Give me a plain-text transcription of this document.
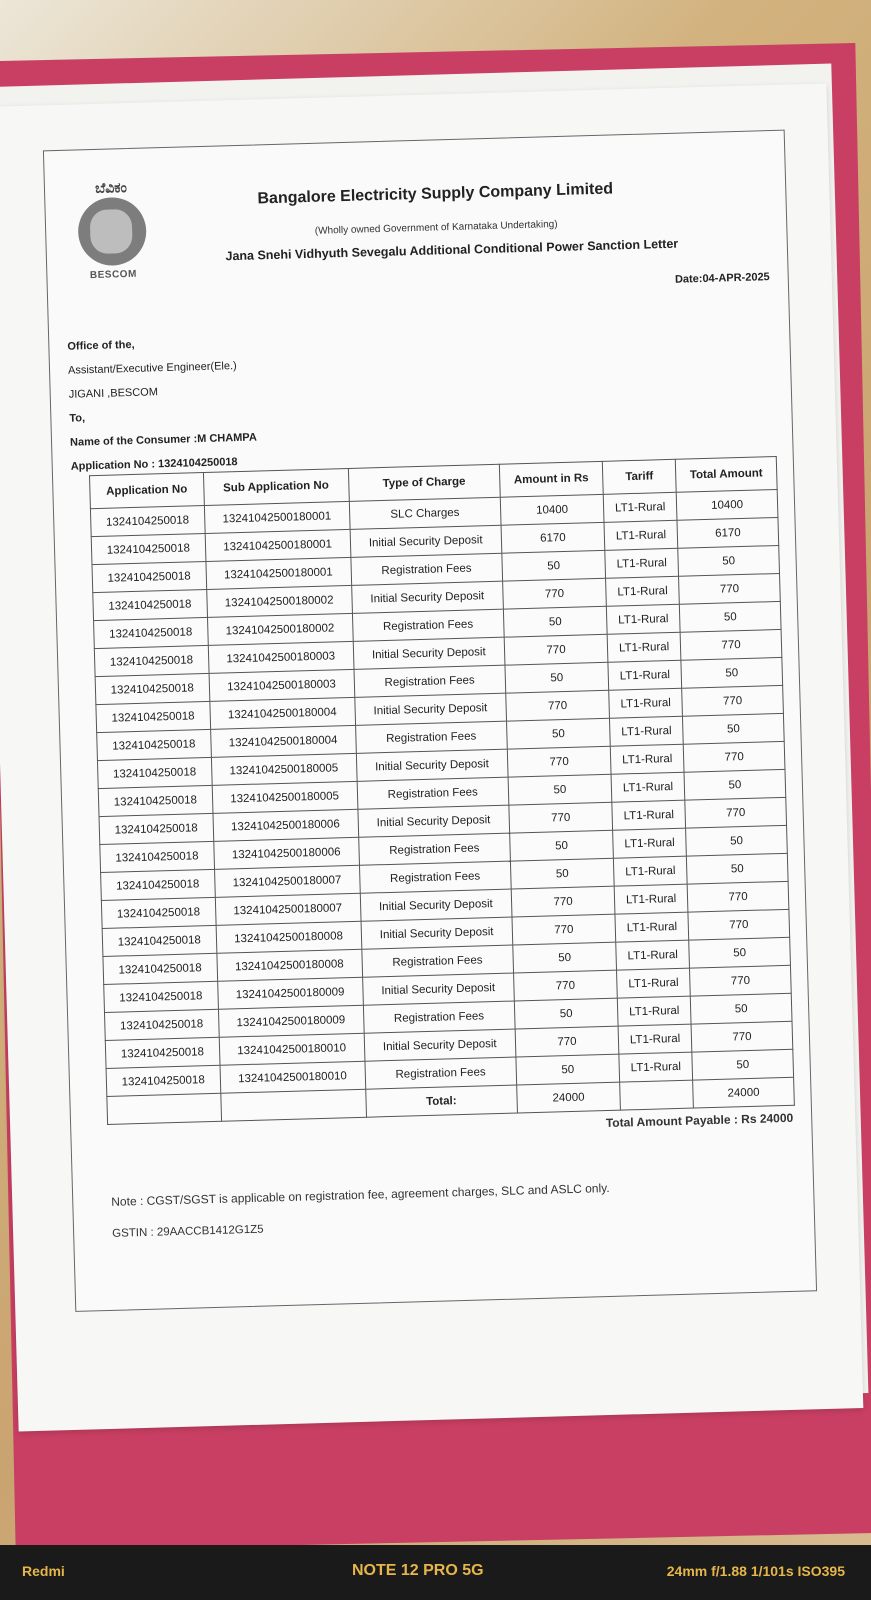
ಬೆವಿಕಂ
BESCOM
Bangalore Electricity Supply Company Limited
(Wholly owned Government of Karnataka Undertaking)
Jana Snehi Vidhyuth Sevegalu Additional Conditional Power Sanction Letter
Date:04-APR-2025
Office of the,
Assistant/Executive Engineer(Ele.)
JIGANI ,BESCOM
To,
Name of the Consumer :M CHAMPA
Application No : 1324104250018
Application No	Sub Application No	Type of Charge	Amount in Rs	Tariff	Total Amount
1324104250018	13241042500180001	SLC Charges	10400	LT1-Rural	10400
1324104250018	13241042500180001	Initial Security Deposit	6170	LT1-Rural	6170
1324104250018	13241042500180001	Registration Fees	50	LT1-Rural	50
1324104250018	13241042500180002	Initial Security Deposit	770	LT1-Rural	770
1324104250018	13241042500180002	Registration Fees	50	LT1-Rural	50
1324104250018	13241042500180003	Initial Security Deposit	770	LT1-Rural	770
1324104250018	13241042500180003	Registration Fees	50	LT1-Rural	50
1324104250018	13241042500180004	Initial Security Deposit	770	LT1-Rural	770
1324104250018	13241042500180004	Registration Fees	50	LT1-Rural	50
1324104250018	13241042500180005	Initial Security Deposit	770	LT1-Rural	770
1324104250018	13241042500180005	Registration Fees	50	LT1-Rural	50
1324104250018	13241042500180006	Initial Security Deposit	770	LT1-Rural	770
1324104250018	13241042500180006	Registration Fees	50	LT1-Rural	50
1324104250018	13241042500180007	Registration Fees	50	LT1-Rural	50
1324104250018	13241042500180007	Initial Security Deposit	770	LT1-Rural	770
1324104250018	13241042500180008	Initial Security Deposit	770	LT1-Rural	770
1324104250018	13241042500180008	Registration Fees	50	LT1-Rural	50
1324104250018	13241042500180009	Initial Security Deposit	770	LT1-Rural	770
1324104250018	13241042500180009	Registration Fees	50	LT1-Rural	50
1324104250018	13241042500180010	Initial Security Deposit	770	LT1-Rural	770
1324104250018	13241042500180010	Registration Fees	50	LT1-Rural	50
		Total:	24000		24000
Total Amount Payable : Rs 24000
Note : CGST/SGST is applicable on registration fee, agreement charges, SLC and ASLC only.
GSTIN : 29AACCB1412G1Z5
Redmi	NOTE 12 PRO 5G	24mm f/1.88 1/101s ISO395
